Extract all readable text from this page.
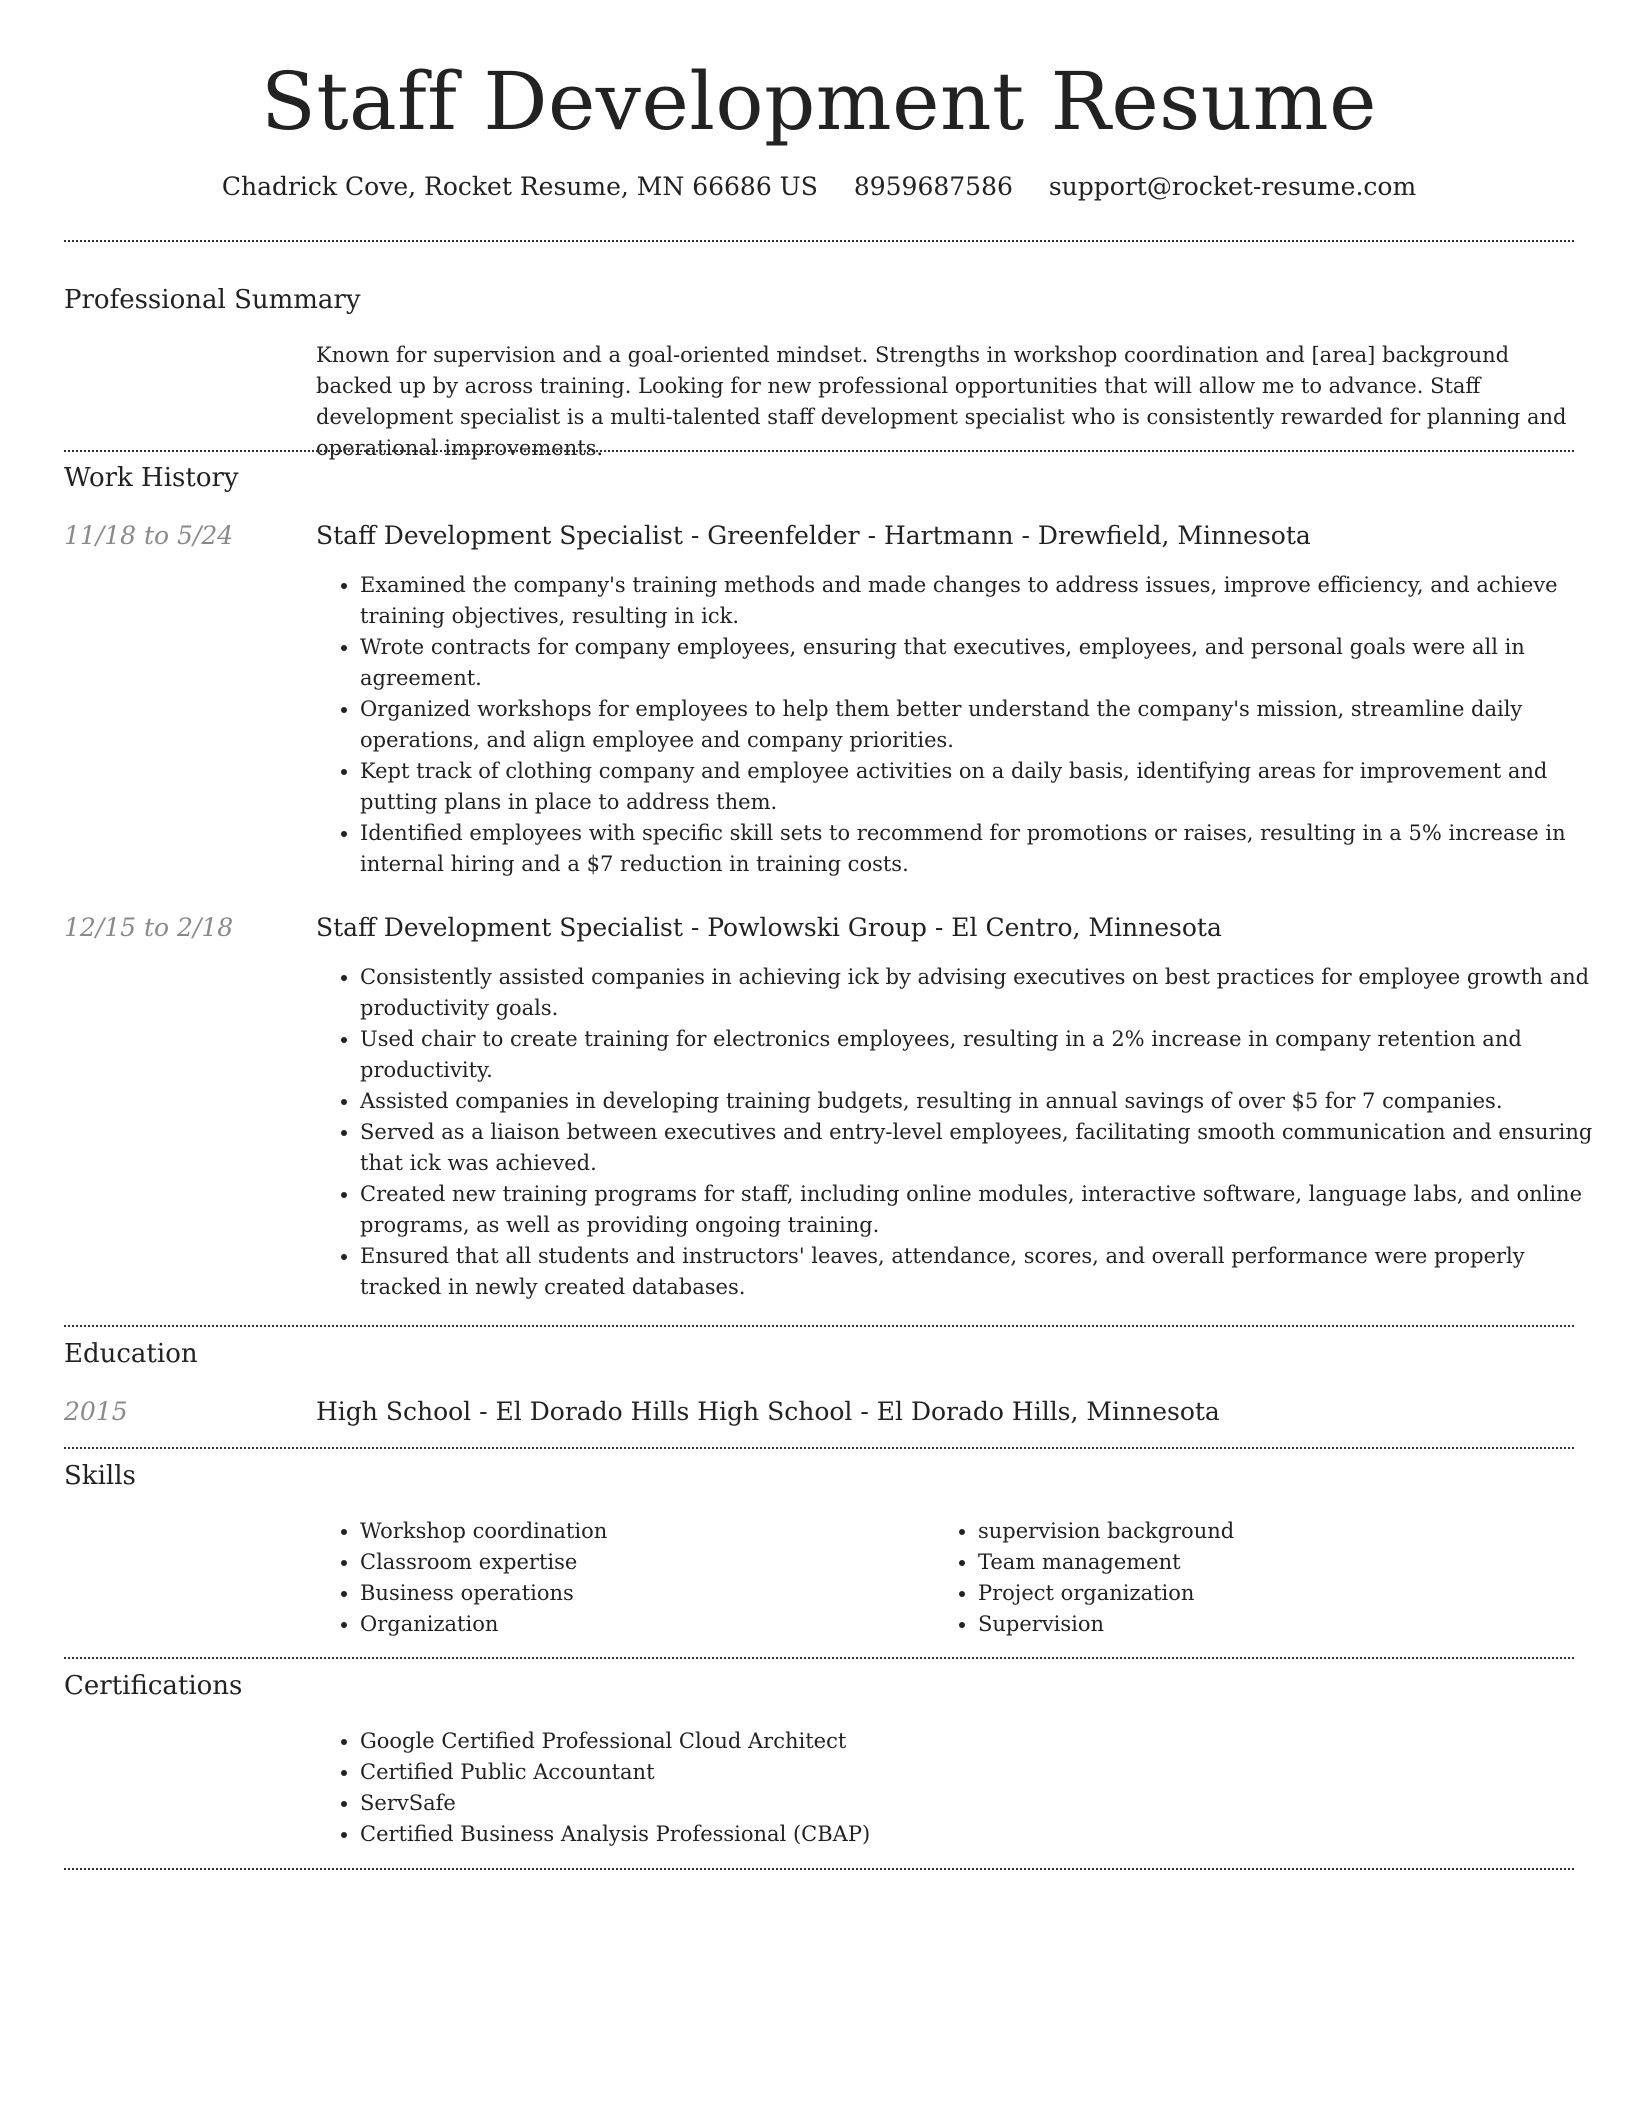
Staff Development Resume
Chadrick Cove, Rocket Resume, MN 66686 US 8959687586 support@rocket-resume.com
Professional Summary
Known for supervision and a goal-oriented mindset. Strengths in workshop coordination and [area] background backed up by across training. Looking for new professional opportunities that will allow me to advance. Staff development specialist is a multi-talented staff development specialist who is consistently rewarded for planning and operational improvements.
Work History
11/18 to 5/24	Staff Development Specialist - Greenfelder - Hartmann - Drewfield, Minnesota
• Examined the company's training methods and made changes to address issues, improve efficiency, and achieve training objectives, resulting in ick.
• Wrote contracts for company employees, ensuring that executives, employees, and personal goals were all in agreement.
• Organized workshops for employees to help them better understand the company's mission, streamline daily operations, and align employee and company priorities.
• Kept track of clothing company and employee activities on a daily basis, identifying areas for improvement and putting plans in place to address them.
• Identified employees with specific skill sets to recommend for promotions or raises, resulting in a 5% increase in internal hiring and a $7 reduction in training costs.
12/15 to 2/18	Staff Development Specialist - Powlowski Group - El Centro, Minnesota
• Consistently assisted companies in achieving ick by advising executives on best practices for employee growth and productivity goals.
• Used chair to create training for electronics employees, resulting in a 2% increase in company retention and productivity.
• Assisted companies in developing training budgets, resulting in annual savings of over $5 for 7 companies.
• Served as a liaison between executives and entry-level employees, facilitating smooth communication and ensuring that ick was achieved.
• Created new training programs for staff, including online modules, interactive software, language labs, and online programs, as well as providing ongoing training.
• Ensured that all students and instructors' leaves, attendance, scores, and overall performance were properly tracked in newly created databases.
Education
2015	High School - El Dorado Hills High School - El Dorado Hills, Minnesota
Skills
• Workshop coordination
• Classroom expertise
• Business operations
• Organization
• supervision background
• Team management
• Project organization
• Supervision
Certifications
• Google Certified Professional Cloud Architect
• Certified Public Accountant
• ServSafe
• Certified Business Analysis Professional (CBAP)
